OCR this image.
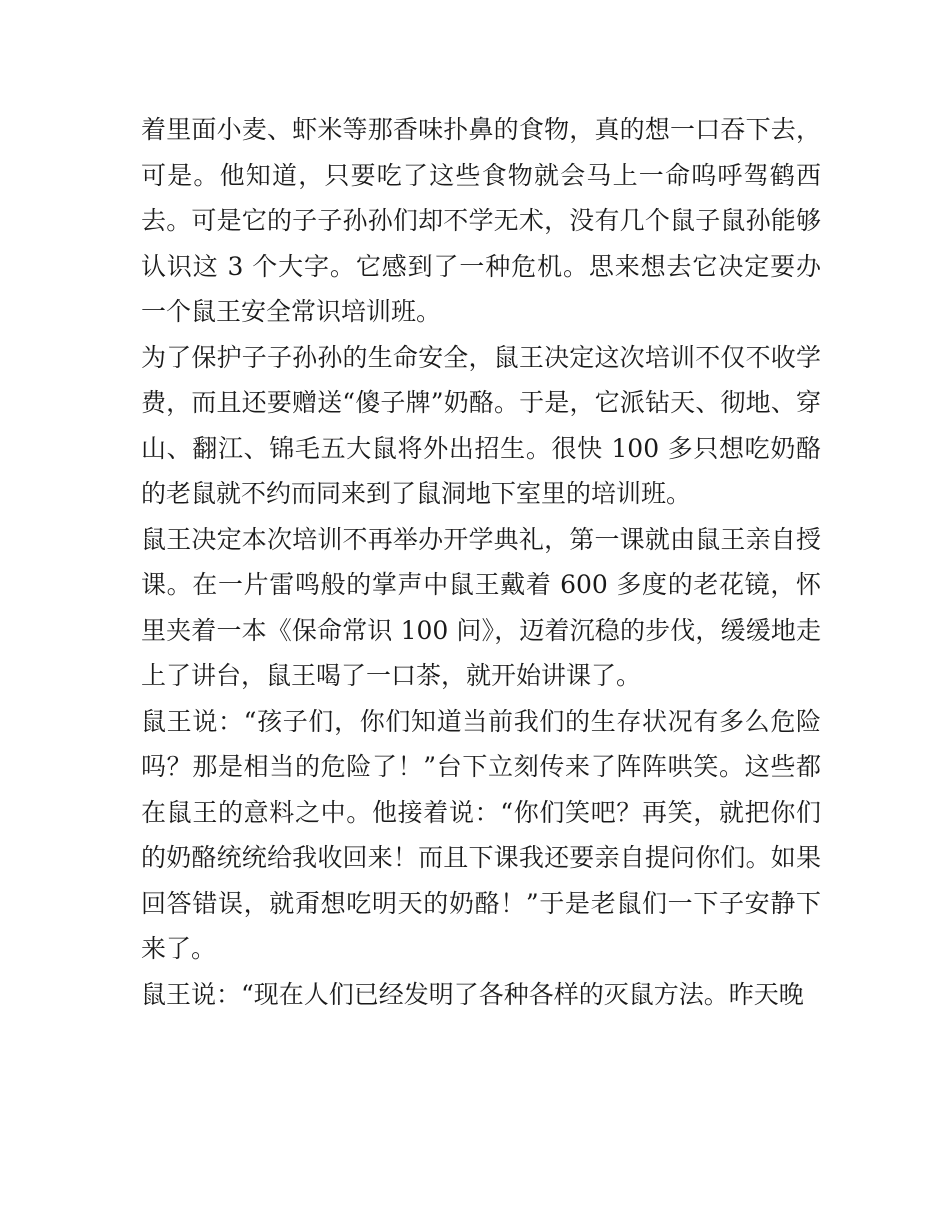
着里面小麦、虾米等那香味扑鼻的食物，真的想一口吞下去，可是。他知道，只要吃了这些食物就会马上一命呜呼驾鹤西去。可是它的子子孙孙们却不学无术，没有几个鼠子鼠孙能够认识这 3 个大字。它感到了一种危机。思来想去它决定要办一个鼠王安全常识培训班。

为了保护子子孙孙的生命安全，鼠王决定这次培训不仅不收学费，而且还要赠送“傻子牌”奶酪。于是，它派钻天、彻地、穿山、翻江、锦毛五大鼠将外出招生。很快 100 多只想吃奶酪的老鼠就不约而同来到了鼠洞地下室里的培训班。

鼠王决定本次培训不再举办开学典礼，第一课就由鼠王亲自授课。在一片雷鸣般的掌声中鼠王戴着 600 多度的老花镜，怀里夹着一本《保命常识 100 问》，迈着沉稳的步伐，缓缓地走上了讲台，鼠王喝了一口茶，就开始讲课了。

鼠王说：“孩子们，你们知道当前我们的生存状况有多么危险吗？那是相当的危险了！”台下立刻传来了阵阵哄笑。这些都在鼠王的意料之中。他接着说：“你们笑吧？再笑，就把你们的奶酪统统给我收回来！而且下课我还要亲自提问你们。如果回答错误，就甭想吃明天的奶酪！”于是老鼠们一下子安静下来了。

鼠王说：“现在人们已经发明了各种各样的灭鼠方法。昨天晚
